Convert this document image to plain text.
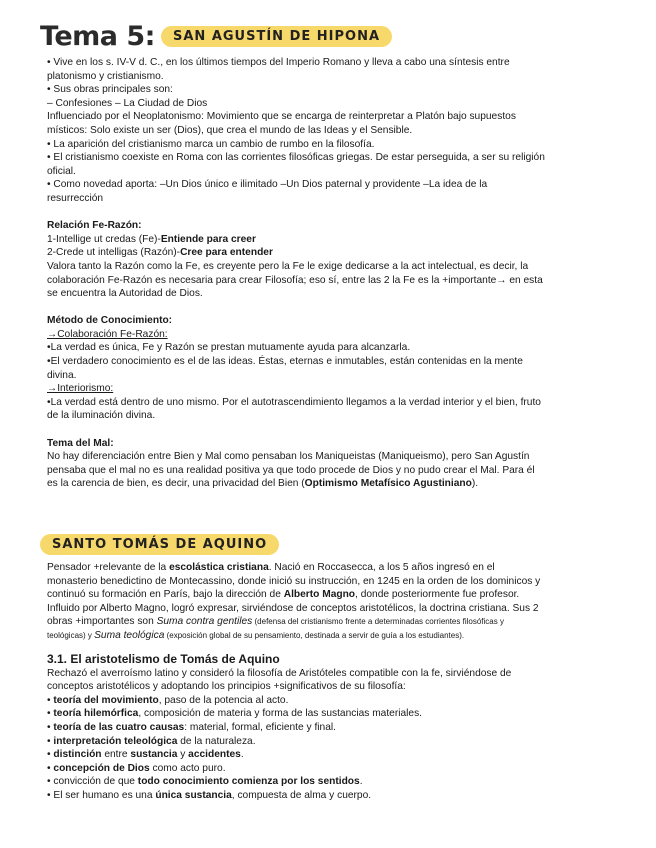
Tema 5:	SAN AGUSTÍN DE HIPONA

• Vive en los s. IV-V d. C., en los últimos tiempos del Imperio Romano y lleva a cabo una síntesis entre

platonismo y cristianismo.

• Sus obras principales son:

– Confesiones – La Ciudad de Dios

Influenciado por el Neoplatonismo: Movimiento que se encarga de reinterpretar a Platón bajo supuestos

místicos: Solo existe un ser (Dios), que crea el mundo de las Ideas y el Sensible.

• La aparición del cristianismo marca un cambio de rumbo en la filosofía.

• El cristianismo coexiste en Roma con las corrientes filosóficas griegas. De estar perseguida, a ser su religión

oficial.

• Como novedad aporta: –Un Dios único e ilimitado –Un Dios paternal y providente –La idea de la

resurrección

Relación Fe-Razón:

1-Intellige ut credas (Fe)-Entiende para creer

2-Crede ut intelligas (Razón)-Cree para entender

Valora tanto la Razón como la Fe, es creyente pero la Fe le exige dedicarse a la act intelectual, es decir, la

colaboración Fe-Razón es necesaria para crear Filosofía; eso sí, entre las 2 la Fe es la +importante→ en esta

se encuentra la Autoridad de Dios.

Método de Conocimiento:

→Colaboración Fe-Razón:

•La verdad es única, Fe y Razón se prestan mutuamente ayuda para alcanzarla.

•El verdadero conocimiento es el de las ideas. Éstas, eternas e inmutables, están contenidas en la mente

divina.

→Interiorismo:

•La verdad está dentro de uno mismo. Por el autotrascendimiento llegamos a la verdad interior y el bien, fruto

de la iluminación divina.

Tema del Mal:

No hay diferenciación entre Bien y Mal como pensaban los Maniqueistas (Maniqueismo), pero San Agustín

pensaba que el mal no es una realidad positiva ya que todo procede de Dios y no pudo crear el Mal. Para él

es la carencia de bien, es decir, una privacidad del Bien (Optimismo Metafísico Agustiniano).

SANTO TOMÁS DE AQUINO

Pensador +relevante de la escolástica cristiana. Nació en Roccasecca, a los 5 años ingresó en el

monasterio benedictino de Montecassino, donde inició su instrucción, en 1245 en la orden de los dominicos y

continuó su formación en París, bajo la dirección de Alberto Magno, donde posteriormente fue profesor.

Influido por Alberto Magno, logró expresar, sirviéndose de conceptos aristotélicos, la doctrina cristiana. Sus 2

obras +importantes son Suma contra gentiles (defensa del cristianismo frente a determinadas corrientes filosóficas y

teológicas) y Suma teológica (exposición global de su pensamiento, destinada a servir de guía a los estudiantes).

3.1. El aristotelismo de Tomás de Aquino

Rechazó el averroísmo latino y consideró la filosofía de Aristóteles compatible con la fe, sirviéndose de

conceptos aristotélicos y adoptando los principios +significativos de su filosofía:

• teoría del movimiento, paso de la potencia al acto.

• teoría hilemórfica, composición de materia y forma de las sustancias materiales.

• teoría de las cuatro causas: material, formal, eficiente y final.

• interpretación teleológica de la naturaleza.

• distinción entre sustancia y accidentes.

• concepción de Dios como acto puro.

• convicción de que todo conocimiento comienza por los sentidos.

• El ser humano es una única sustancia, compuesta de alma y cuerpo.
